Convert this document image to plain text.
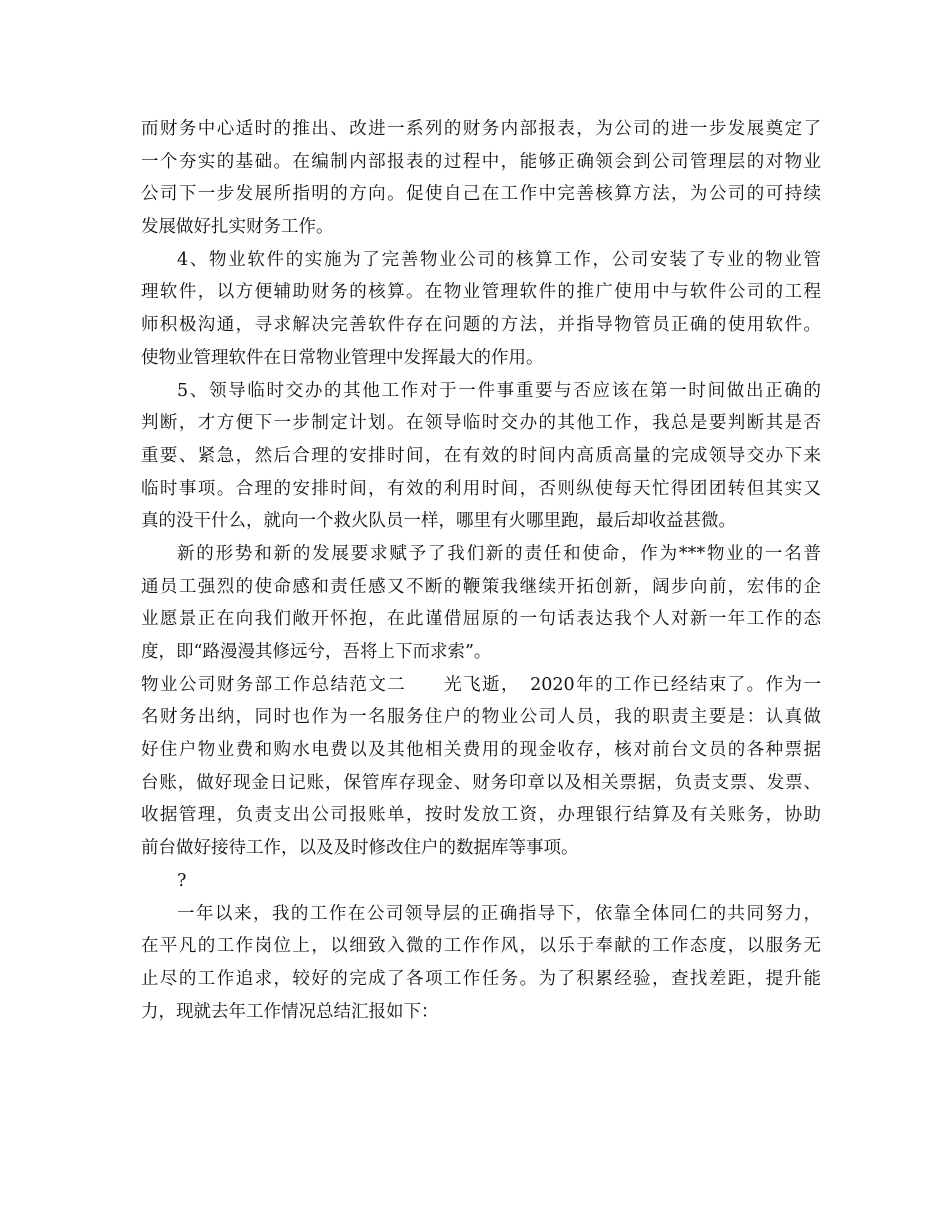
而财务中心适时的推出、改进一系列的财务内部报表，为公司的进一步发展奠定了
一个夯实的基础。在编制内部报表的过程中，能够正确领会到公司管理层的对物业
公司下一步发展所指明的方向。促使自己在工作中完善核算方法，为公司的可持续
发展做好扎实财务工作。
4、物业软件的实施为了完善物业公司的核算工作，公司安装了专业的物业管
理软件，以方便辅助财务的核算。在物业管理软件的推广使用中与软件公司的工程
师积极沟通，寻求解决完善软件存在问题的方法，并指导物管员正确的使用软件。
使物业管理软件在日常物业管理中发挥最大的作用。
5、领导临时交办的其他工作对于一件事重要与否应该在第一时间做出正确的
判断，才方便下一步制定计划。在领导临时交办的其他工作，我总是要判断其是否
重要、紧急，然后合理的安排时间，在有效的时间内高质高量的完成领导交办下来
临时事项。合理的安排时间，有效的利用时间，否则纵使每天忙得团团转但其实又
真的没干什么，就向一个救火队员一样，哪里有火哪里跑，最后却收益甚微。
新的形势和新的发展要求赋予了我们新的责任和使命，作为***物业的一名普
通员工强烈的使命感和责任感又不断的鞭策我继续开拓创新，阔步向前，宏伟的企
业愿景正在向我们敞开怀抱，在此谨借屈原的一句话表达我个人对新一年工作的态
度，即“路漫漫其修远兮，吾将上下而求索”。
物业公司财务部工作总结范文二　　光飞逝，　2020年的工作已经结束了。作为一
名财务出纳，同时也作为一名服务住户的物业公司人员，我的职责主要是：认真做
好住户物业费和购水电费以及其他相关费用的现金收存，核对前台文员的各种票据
台账，做好现金日记账，保管库存现金、财务印章以及相关票据，负责支票、发票、
收据管理，负责支出公司报账单，按时发放工资，办理银行结算及有关账务，协助
前台做好接待工作，以及及时修改住户的数据库等事项。
?
一年以来，我的工作在公司领导层的正确指导下，依靠全体同仁的共同努力，
在平凡的工作岗位上，以细致入微的工作作风，以乐于奉献的工作态度，以服务无
止尽的工作追求，较好的完成了各项工作任务。为了积累经验，查找差距，提升能
力，现就去年工作情况总结汇报如下：
